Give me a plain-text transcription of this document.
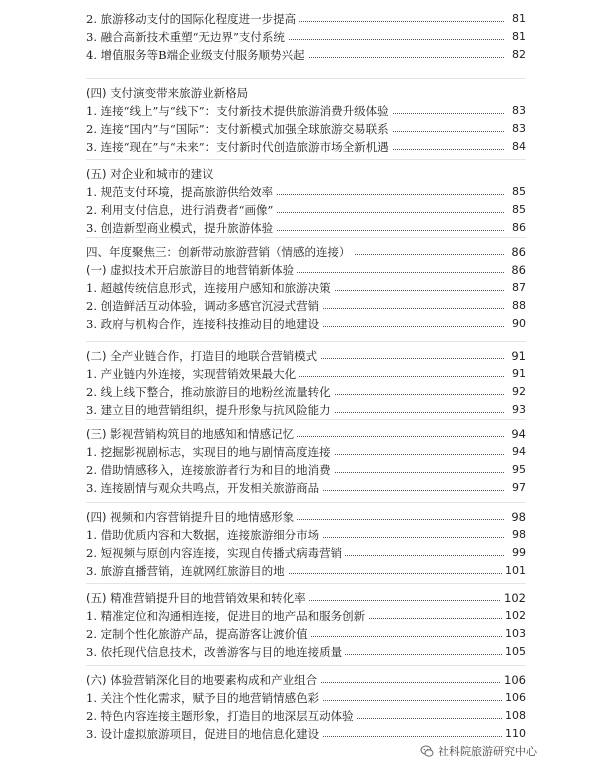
2. 旅游移动支付的国际化程度进一步提高	81
3. 融合高新技术重塑“无边界”支付系统	81
4. 增值服务等B端企业级支付服务顺势兴起	82
(四) 支付演变带来旅游业新格局
1. 连接“线上”与“线下”：支付新技术提供旅游消费升级体验	83
2. 连接“国内”与“国际”：支付新模式加强全球旅游交易联系	83
3. 连接“现在”与“未来”：支付新时代创造旅游市场全新机遇	84
(五) 对企业和城市的建议
1. 规范支付环境，提高旅游供给效率	85
2. 利用支付信息，进行消费者“画像”	85
3. 创造新型商业模式，提升旅游体验	86
四、年度聚焦三：创新带动旅游营销（情感的连接）	86
(一) 虚拟技术开启旅游目的地营销新体验	86
1. 超越传统信息形式，连接用户感知和旅游决策	87
2. 创造鲜活互动体验，调动多感官沉浸式营销	88
3. 政府与机构合作，连接科技推动目的地建设	90
(二) 全产业链合作，打造目的地联合营销模式	91
1. 产业链内外连接，实现营销效果最大化	91
2. 线上线下整合，推动旅游目的地粉丝流量转化	92
3. 建立目的地营销组织，提升形象与抗风险能力	93
(三) 影视营销构筑目的地感知和情感记忆	94
1. 挖掘影视剧标志，实现目的地与剧情高度连接	94
2. 借助情感移入，连接旅游者行为和目的地消费	95
3. 连接剧情与观众共鸣点，开发相关旅游商品	97
(四) 视频和内容营销提升目的地情感形象	98
1. 借助优质内容和大数据，连接旅游细分市场	98
2. 短视频与原创内容连接，实现自传播式病毒营销	99
3. 旅游直播营销，连就网红旅游目的地	101
(五) 精准营销提升目的地营销效果和转化率	102
1. 精准定位和沟通相连接，促进目的地产品和服务创新	102
2. 定制个性化旅游产品，提高游客让渡价值	103
3. 依托现代信息技术，改善游客与目的地连接质量	105
(六) 体验营销深化目的地要素构成和产业组合	106
1. 关注个性化需求，赋予目的地营销情感色彩	106
2. 特色内容连接主题形象，打造目的地深层互动体验	108
3. 设计虚拟旅游项目，促进目的地信息化建设	110
社科院旅游研究中心
